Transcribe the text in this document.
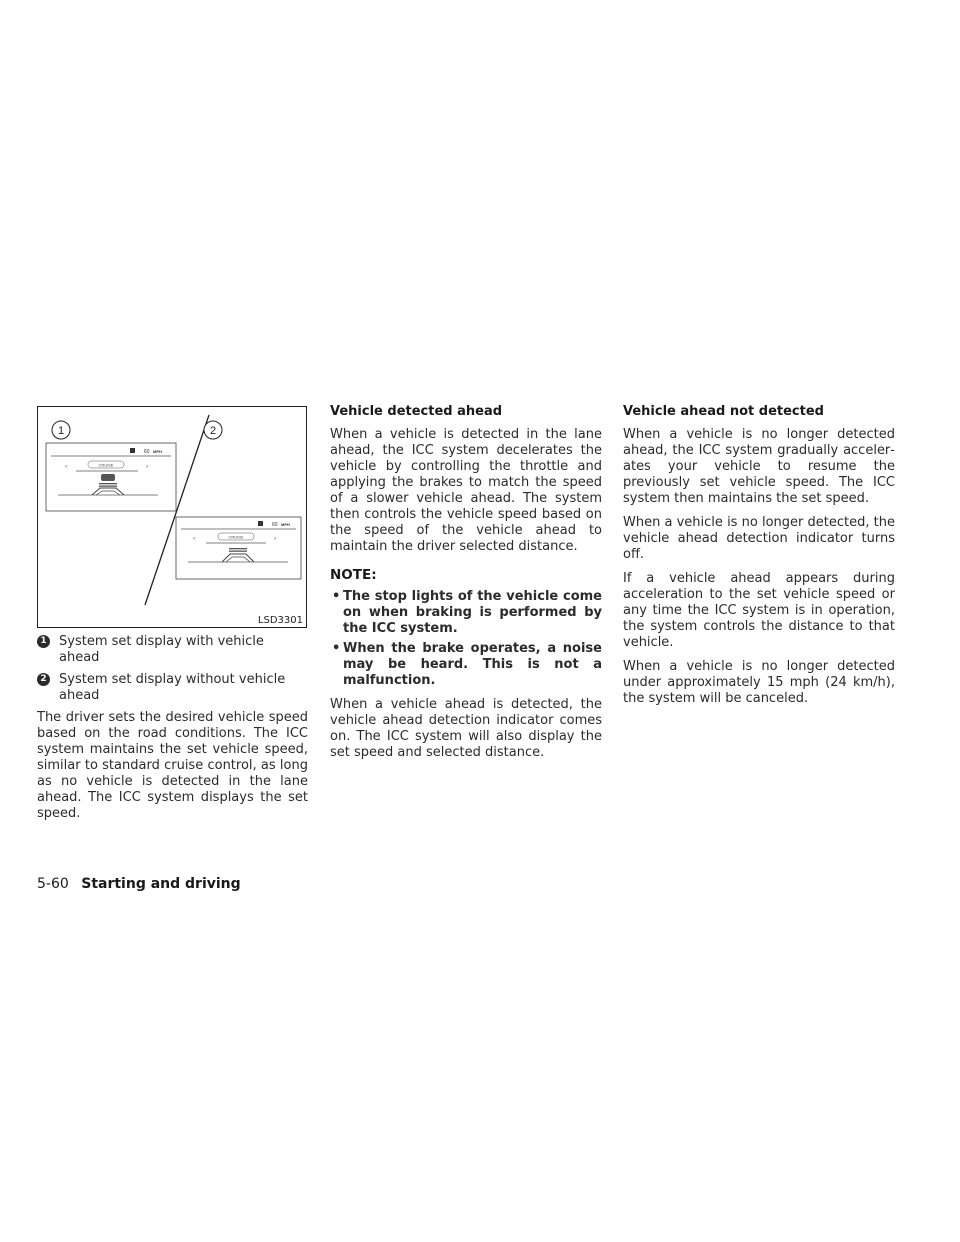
1	2
60 MPH
‹	›
CRUISE
60 MPH
‹	›
CRUISE
LSD3301
1 System set display with vehicle ahead
2 System set display without vehicle ahead

The driver sets the desired vehicle speed based on the road conditions. The ICC system maintains the set vehicle speed, similar to standard cruise control, as long as no vehicle is detected in the lane ahead. The ICC system displays the set speed.

Vehicle detected ahead

When a vehicle is detected in the lane ahead, the ICC system decelerates the vehicle by controlling the throttle and applying the brakes to match the speed of a slower vehicle ahead. The system then controls the vehicle speed based on the speed of the vehicle ahead to maintain the driver selected distance.

NOTE:
• The stop lights of the vehicle come on when braking is performed by the ICC system.
• When the brake operates, a noise may be heard. This is not a malfunction.

When a vehicle ahead is detected, the vehicle ahead detection indicator comes on. The ICC system will also display the set speed and selected distance.

Vehicle ahead not detected

When a vehicle is no longer detected ahead, the ICC system gradually accelerates your vehicle to resume the previously set vehicle speed. The ICC system then maintains the set speed.

When a vehicle is no longer detected, the vehicle ahead detection indicator turns off.

If a vehicle ahead appears during acceleration to the set vehicle speed or any time the ICC system is in operation, the system controls the distance to that vehicle.

When a vehicle is no longer detected under approximately 15 mph (24 km/h), the system will be canceled.

5-60 Starting and driving
